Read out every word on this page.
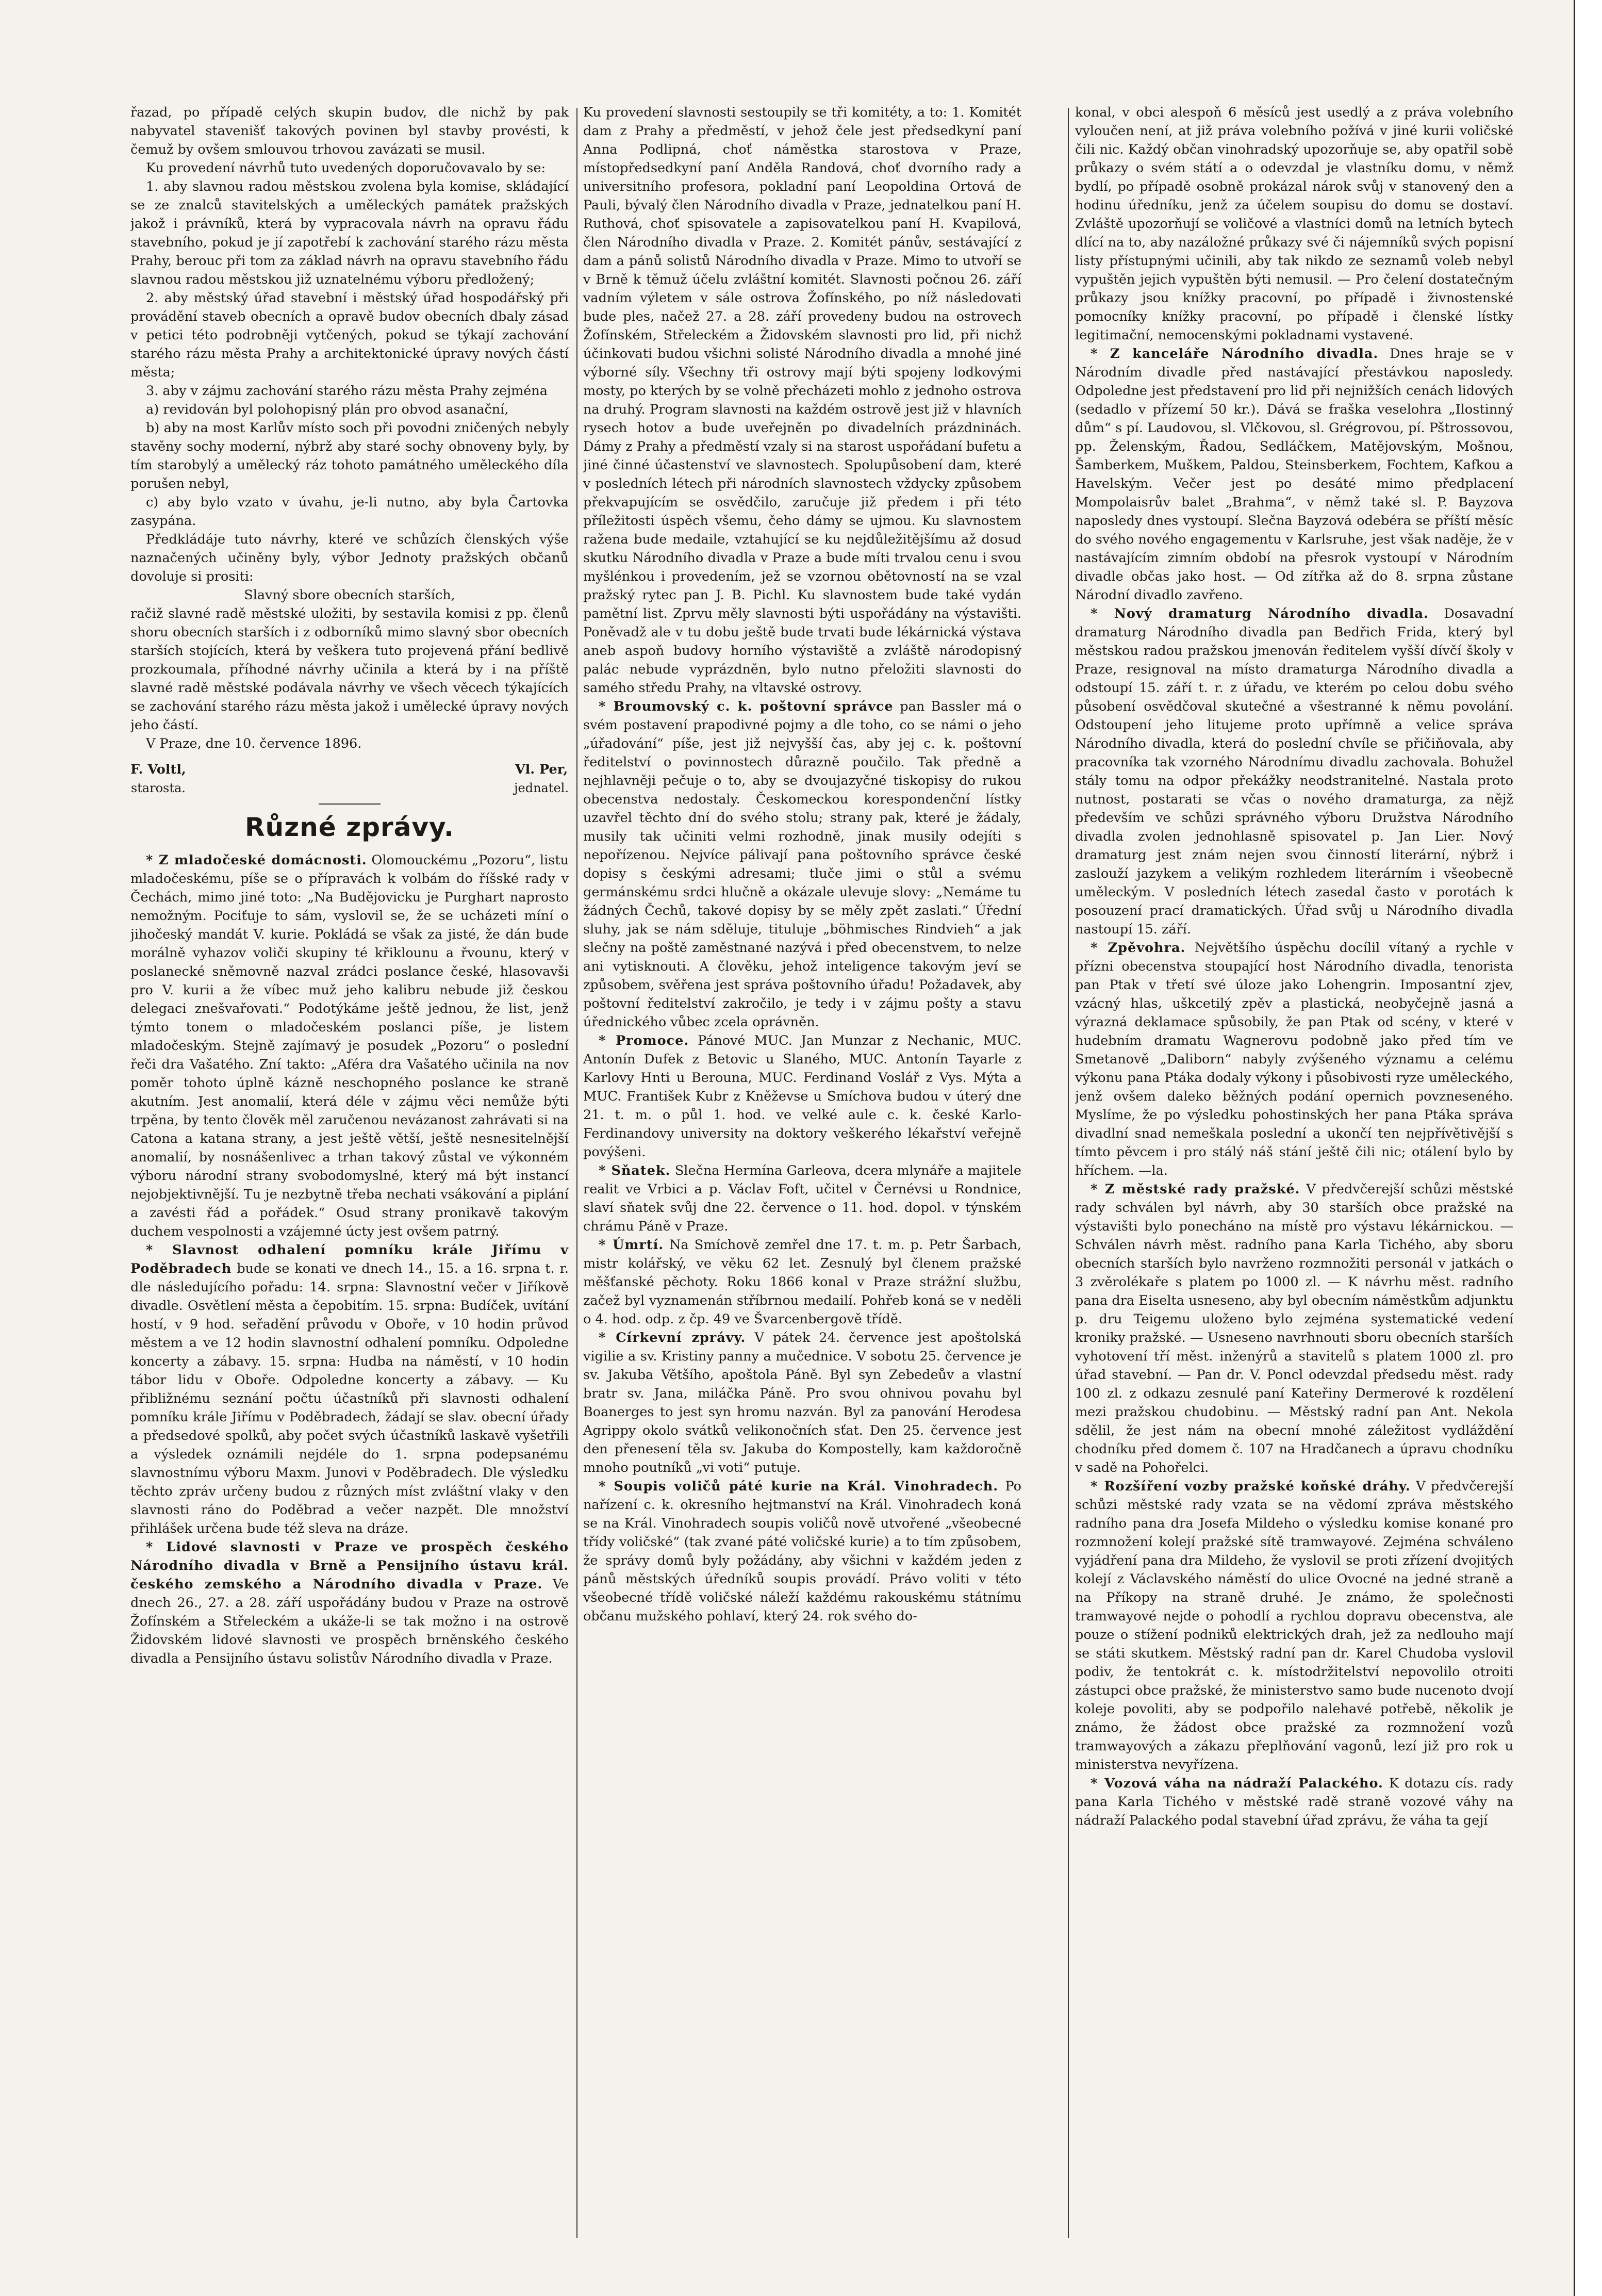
řazad, po případě celých skupin budov, dle nichž by pak nabyvatel stavenišť takových povinen byl stavby provésti, k čemuž by ovšem smlouvou trhovou zavázati se musil.

Ku provedení návrhů tuto uvedených doporučovavalo by se:

1. aby slavnou radou městskou zvolena byla komise, skládající se ze znalců stavitelských a uměleckých památek pražských jakož i právníků, která by vypracovala návrh na opravu řádu stavebního, pokud je jí zapotřebí k zachování starého rázu města Prahy, berouc při tom za základ návrh na opravu stavebního řádu slavnou radou městskou již uznatelnému výboru předložený;

2. aby městský úřad stavební i městský úřad hospodářský při provádění staveb obecních a opravě budov obecních dbaly zásad v petici této podrobněji vytčených, pokud se týkají zachování starého rázu města Prahy a architektonické úpravy nových částí města;

3. aby v zájmu zachování starého rázu města Prahy zejména

a) revidován byl polohopisný plán pro obvod asanační,

b) aby na most Karlův místo soch při povodni zničených nebyly stavěny sochy moderní, nýbrž aby staré sochy obnoveny byly, by tím starobylý a umělecký ráz tohoto památného uměleckého díla porušen nebyl,

c) aby bylo vzato v úvahu, je-li nutno, aby byla Čartovka zasypána.

Předkládáje tuto návrhy, které ve schůzích členských výše naznačených učiněny byly, výbor Jednoty pražských občanů dovoluje si prositi:

Slavný sbore obecních starších,

račiž slavné radě městské uložiti, by sestavila komisi z pp. členů shoru obecních starších i z odborníků mimo slavný sbor obecních starších stojících, která by veškera tuto projevená přání bedlivě prozkoumala, příhodné návrhy učinila a která by i na příště slavné radě městské podávala návrhy ve všech věcech týkajících se zachování starého rázu města jakož i umělecké úpravy nových jeho částí.

V Praze, dne 10. července 1896.

F. Voltl,
starosta.
Vl. Per,
jednatel.
Různé zprávy.

* Z mladočeské domácnosti. Olomouckému „Pozoru“, listu mladočeskému, píše se o přípravách k volbám do říšské rady v Čechách, mimo jiné toto: „Na Budějovicku je Purghart naprosto nemožným. Pociťuje to sám, vyslovil se, že se ucházeti míní o jihočeský mandát V. kurie. Pokládá se však za jisté, že dán bude morálně vyhazov voliči skupiny té křiklounu a řvounu, který v poslanecké sněmovně nazval zrádci poslance české, hlasovavši pro V. kurii a že víbec muž jeho kalibru nebude již českou delegaci znešvařovati.“ Podotýkáme ještě jednou, že list, jenž týmto tonem o mladočeském poslanci píše, je listem mladočeským. Stejně zajímavý je posudek „Pozoru“ o poslední řeči dra Vašatého. Zní takto: „Aféra dra Vašatého učinila na nov poměr tohoto úplně kázně neschopného poslance ke straně akutním. Jest anomalií, která déle v zájmu věci nemůže býti trpěna, by tento člověk měl zaručenou nevázanost zahrávati si na Catona a katana strany, a jest ještě větší, ještě nesnesitelnější anomalií, by nosnášenlivec a trhan takový zůstal ve výkonném výboru národní strany svobodomyslné, který má být instancí nejobjektivnější. Tu je nezbytně třeba nechati vsákování a piplání a zavésti řád a pořádek.“ Osud strany pronikavě takovým duchem vespolnosti a vzájemné úcty jest ovšem patrný.

* Slavnost odhalení pomníku krále Jiřímu v Poděbradech bude se konati ve dnech 14., 15. a 16. srpna t. r. dle následujícího pořadu: 14. srpna: Slavnostní večer v Jiříkově divadle. Osvětlení města a čepobitím. 15. srpna: Budíček, uvítání hostí, v 9 hod. seřadění průvodu v Oboře, v 10 hodin průvod městem a ve 12 hodin slavnostní odhalení pomníku. Odpoledne koncerty a zábavy. 15. srpna: Hudba na náměstí, v 10 hodin tábor lidu v Oboře. Odpoledne koncerty a zábavy. — Ku přibližnému seznání počtu účastníků při slavnosti odhalení pomníku krále Jiřímu v Poděbradech, žádají se slav. obecní úřady a předsedové spolků, aby počet svých účastníků laskavě vyšetřili a výsledek oznámili nejdéle do 1. srpna podepsanému slavnostnímu výboru Maxm. Junovi v Poděbradech. Dle výsledku těchto zpráv určeny budou z různých míst zvláštní vlaky v den slavnosti ráno do Poděbrad a večer nazpět. Dle množství přihlášek určena bude též sleva na dráze.

* Lidové slavnosti v Praze ve prospěch českého Národního divadla v Brně a Pensijního ústavu král. českého zemského a Národního divadla v Praze. Ve dnech 26., 27. a 28. září uspořádány budou v Praze na ostrově Žofínském a Střeleckém a ukáže-li se tak možno i na ostrově Židovském lidové slavnosti ve prospěch brněnského českého divadla a Pensijního ústavu solistův Národního divadla v Praze.

Ku provedení slavnosti sestoupily se tři komitéty, a to: 1. Komitét dam z Prahy a předměstí, v jehož čele jest předsedkyní paní Anna Podlipná, choť náměstka starostova v Praze, místopředsedkyní paní Anděla Randová, choť dvorního rady a universitního profesora, pokladní paní Leopoldina Ortová de Pauli, bývalý člen Národního divadla v Praze, jednatelkou paní H. Ruthová, choť spisovatele a zapisovatelkou paní H. Kvapilová, člen Národního divadla v Praze. 2. Komitét pánův, sestávající z dam a pánů solistů Národního divadla v Praze. Mimo to utvoří se v Brně k těmuž účelu zvláštní komitét. Slavnosti počnou 26. září vadním výletem v sále ostrova Žofínského, po níž následovati bude ples, načež 27. a 28. září provedeny budou na ostrovech Žofínském, Střeleckém a Židovském slavnosti pro lid, při nichž účinkovati budou všichni solisté Národního divadla a mnohé jiné výborné síly. Všechny tři ostrovy mají býti spojeny lodkovými mosty, po kterých by se volně přecházeti mohlo z jednoho ostrova na druhý. Program slavnosti na každém ostrově jest již v hlavních rysech hotov a bude uveřejněn po divadelních prázdninách. Dámy z Prahy a předměstí vzaly si na starost uspořádaní bufetu a jiné činné účastenství ve slavnostech. Spolupůsobení dam, které v posledních létech při národních slavnostech vždycky způsobem překvapujícím se osvědčilo, zaručuje již předem i při této příležitosti úspěch všemu, čeho dámy se ujmou. Ku slavnostem ražena bude medaile, vztahující se ku nejdůležitějšímu až dosud skutku Národního divadla v Praze a bude míti trvalou cenu i svou myšlénkou i provedením, jež se vzornou obětovností na se vzal pražský rytec pan J. B. Pichl. Ku slavnostem bude také vydán pamětní list. Zprvu měly slavnosti býti uspořádány na výstavišti. Poněvadž ale v tu dobu ještě bude trvati bude lékárnická výstava aneb aspoň budovy horního výstaviště a zvláště národopisný palác nebude vyprázdněn, bylo nutno přeložiti slavnosti do samého středu Prahy, na vltavské ostrovy.

* Broumovský c. k. poštovní správce pan Bassler má o svém postavení prapodivné pojmy a dle toho, co se námi o jeho „úřadování“ píše, jest již nejvyšší čas, aby jej c. k. poštovní ředitelství o povinnostech důrazně poučilo. Tak předně a nejhlavněji pečuje o to, aby se dvoujazyčné tiskopisy do rukou obecenstva nedostaly. Českomeckou korespondenční lístky uzavřel těchto dní do svého stolu; strany pak, které je žádaly, musily tak učiniti velmi rozhodně, jinak musily odejíti s nepořízenou. Nejvíce pálivají pana poštovního správce české dopisy s českými adresami; tluče jimi o stůl a svému germánskému srdci hlučně a okázale ulevuje slovy: „Nemáme tu žádných Čechů, takové dopisy by se měly zpět zaslati.“ Úřední sluhy, jak se nám sděluje, titulujе „böhmisches Rindvieh“ a jak slečny na poště zaměstnané nazývá i před obecenstvem, to nelze ani vytisknouti. A člověku, jehož inteligence takovým jeví se způsobem, svěřena jest správa poštovního úřadu! Požadavek, aby poštovní ředitelství zakročilo, je tedy i v zájmu pošty a stavu úřednického vůbec zcela oprávněn.

* Promoce. Pánové MUC. Jan Munzar z Nechanic, MUC. Antonín Dufek z Betovic u Slaného, MUC. Antonín Tayarle z Karlovy Hnti u Berouna, MUC. Ferdinand Voslář z Vys. Mýta a MUC. František Kubr z Kněževse u Smíchova budou v úterý dne 21. t. m. o půl 1. hod. ve velké aule c. k. české Karlo-Ferdinandovy university na doktory veškerého lékařství veřejně povýšeni.

* Sňatek. Slečna Hermína Garleova, dcera mlynáře a majitele realit ve Vrbici a p. Václav Foft, učitel v Černévsi u Rondnice, slaví sňatek svůj dne 22. července o 11. hod. dopol. v týnském chrámu Páně v Praze.

* Úmrtí. Na Smíchově zemřel dne 17. t. m. p. Petr Šarbach, mistr kolářský, ve věku 62 let. Zesnulý byl členem pražské měšťanské pěchoty. Roku 1866 konal v Praze strážní službu, začež byl vyznamenán stříbrnou medailí. Pohřeb koná se v neděli o 4. hod. odp. z čp. 49 ve Švarcenbergově třídě.

* Církevní zprávy. V pátek 24. července jest apoštolská vigilie a sv. Kristiny panny a mučednice. V sobotu 25. července je sv. Jakuba Většího, apoštola Páně. Byl syn Zebedeův a vlastní bratr sv. Jana, miláčka Páně. Pro svou ohnivou povahu byl Boanerges to jest syn hromu nazván. Byl za panování Herodesa Agrippy okolo svátků velikonočních sťat. Den 25. července jest den přenesení těla sv. Jakuba do Kompostelly, kam každoročně mnoho poutníků „vi voti“ putuje.

* Soupis voličů páté kurie na Král. Vinohradech. Po nařízení c. k. okresního hejtmanství na Král. Vinohradech koná se na Král. Vinohradech soupis voličů nově utvořené „všeobecné třídy voličské“ (tak zvané páté voličské kurie) a to tím způsobem, že správy domů byly požádány, aby všichni v každém jeden z pánů městských úředníků soupis provádí. Právo voliti v této všeobecné třídě voličské náleží každému rakouskému státnímu občanu mužského pohlaví, který 24. rok svého do-

konal, v obci alespoň 6 měsíců jest usedlý a z práva volebního vyloučen není, at již práva volebního požívá v jiné kurii voličské čili nic. Každý občan vinohradský upozorňuje se, aby opatřil sobě průkazy o svém státí a o odevzdal je vlastníku domu, v němž bydlí, po případě osobně prokázal nárok svůj v stanovený den a hodinu úředníku, jenž za účelem soupisu do domu se dostaví. Zvláště upozorňují se voličové a vlastníci domů na letních bytech dlící na to, aby nazáložné průkazy své či nájemníků svých popisní listy přístupnými učinili, aby tak nikdo ze seznamů voleb nebyl vypuštěn jejich vypuštěn býti nemusil. — Pro čelení dostatečným průkazy jsou knížky pracovní, po případě i živnostenské pomocníky knížky pracovní, po případě i členské lístky legitimační, nemocenskými pokladnami vystavené.

* Z kanceláře Národního divadla. Dnes hraje se v Národním divadle před nastávající přestávkou naposledy. Odpoledne jest představení pro lid při nejnižších cenách lidových (sedadlo v přízemí 50 kr.). Dává se fraška veselohra „Ilostinný dům“ s pí. Laudovou, sl. Vlčkovou, sl. Grégrovou, pí. Pštrossovou, pp. Želenským, Řadou, Sedláčkem, Matějovským, Mošnou, Šamberkem, Muškem, Paldou, Steinsberkem, Fochtem, Kafkou a Havelským. Večer jest po desáté mimo předplacení Mompolaisrův balet „Brahma“, v němž také sl. P. Bayzova naposledy dnes vystoupí. Slečna Bayzová odebéra se příští měsíc do svého nového engagementu v Karlsruhe, jest však naděje, že v nastávajícím zimním období na přesrok vystoupí v Národním divadle občas jako host. — Od zítřka až do 8. srpna zůstane Národní divadlo zavřeno.

* Nový dramaturg Národního divadla. Dosavadní dramaturg Národního divadla pan Bedřich Frida, který byl městskou radou pražskou jmenován ředitelem vyšší dívčí školy v Praze, resignoval na místo dramaturga Národního divadla a odstoupí 15. září t. r. z úřadu, ve kterém po celou dobu svého působení osvědčoval skutečné a všestranné k němu povolání. Odstoupení jeho litujeme proto upřímně a velice správa Národního divadla, která do poslední chvíle se přičiňovala, aby pracovníka tak vzorného Národnímu divadlu zachovala. Bohužel stály tomu na odpor překážky neodstranitelné. Nastala proto nutnost, postarati se včas o nového dramaturga, za nějž především ve schůzi správného výboru Družstva Národního divadla zvolen jednohlasně spisovatel p. Jan Lier. Nový dramaturg jest znám nejen svou činností literární, nýbrž i zaslouží jazykem a velikým rozhledem literárním i všeobecně uměleckým. V posledních létech zasedal často v porotách k posouzení prací dramatických. Úřad svůj u Národního divadla nastoupí 15. září.

* Zpěvohra. Největšího úspěchu docílil vítaný a rychle v přízni obecenstva stoupající host Národního divadla, tenorista pan Ptak v třetí své úloze jako Lohengrin. Imposantní zjev, vzácný hlas, uškcetilý zpěv a plastická, neobyčejně jasná a výrazná deklamace spůsobily, že pan Ptak od scény, v které v hudebním dramatu Wagnerovu podobně jako před tím ve Smetanově „Daliborn“ nabyly zvýšeného významu a celému výkonu pana Ptáka dodaly výkony i působivosti ryze uměleckého, jenž ovšem daleko běžných podání opernich povzneseného. Myslíme, že po výsledku pohostinských her pana Ptáka správa divadlní snad nemeškala poslední a ukončí ten nejpřívětivější s tímto pěvcem i pro stálý náš stání ještě čili nic; otálení bylo by hříchem. —la.

* Z městské rady pražské. V předvčerejší schůzi městské rady schválen byl návrh, aby 30 starších obce pražské na výstavišti bylo ponecháno na místě pro výstavu lékárnickou. — Schválen návrh měst. radního pana Karla Tichého, aby sboru obecních starších bylo navrženo rozmnožiti personál v jatkách o 3 zvěrolékaře s platem po 1000 zl. — K návrhu měst. radního pana dra Eiselta usneseno, aby byl obecním náměstkům adjunktu p. dru Teigemu uloženo bylo zejména systematické vedení kroniky pražské. — Usneseno navrhnouti sboru obecních starších vyhotovení tří měst. inženýrů a stavitelů s platem 1000 zl. pro úřad stavební. — Pan dr. V. Poncl odevzdal předsedu měst. rady 100 zl. z odkazu zesnulé paní Kateřiny Dermerové k rozdělení mezi pražskou chudobinu. — Městský radní pan Ant. Nekola sdělil, že jest nám na obecní mnohé záležitost vydláždění chodníku před domem č. 107 na Hradčanech a úpravu chodníku v sadě na Pohořelci.

* Rozšíření vozby pražské koňské dráhy. V předvčerejší schůzi městské rady vzata se na vědomí zpráva městského radního pana dra Josefa Mildeho o výsledku komise konané pro rozmnožení kolejí pražské sítě tramwayové. Zejména schváleno vyjádření pana dra Mildeho, že vyslovil se proti zřízení dvojitých kolejí z Václavského náměstí do ulice Ovocné na jedné straně a na Příkopy na straně druhé. Je známo, že společnosti tramwayové nejde o pohodlí a rychlou dopravu obecenstva, ale pouze o stížení podniků elektrických drah, jež za nedlouho mají se státi skutkem. Městský radní pan dr. Karel Chudoba vyslovil podiv, že tentokrát c. k. místodržitelství nepovolilo otroiti zástupci obce pražské, že ministerstvo samo bude nucenoto dvojí koleje povoliti, aby se podpořilo nalehavé potřebě, několik je známo, že žádost obce pražské za rozmnožení vozů tramwayových a zákazu přeplňování vagonů, lezí již pro rok u ministerstva nevyřízena.

* Vozová váha na nádraží Palackého. K dotazu cís. rady pana Karla Tichého v městské radě straně vozové váhy na nádraží Palackého podal stavební úřad zprávu, že váha ta gejí
